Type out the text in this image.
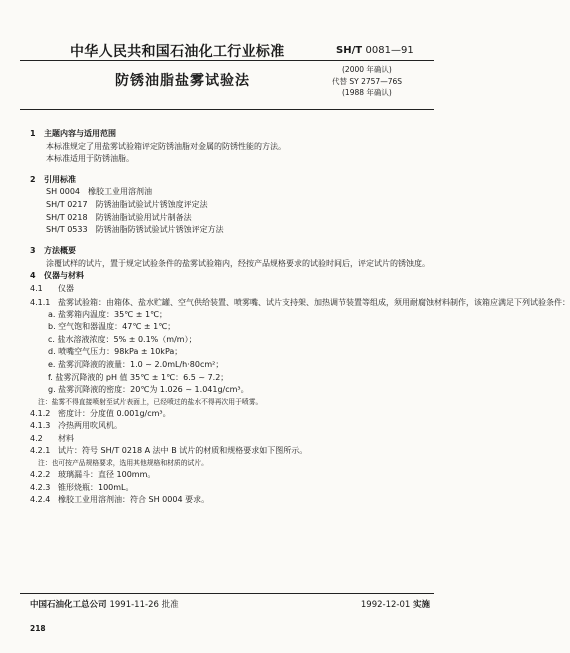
中华人民共和国石油化工行业标准	SH/T 0081—91
(2000 年确认)
代替 SY 2757—76S
(1988 年确认)
防锈油脂盐雾试验法

1 主题内容与适用范围

本标准规定了用盐雾试验箱评定防锈油脂对金属的防锈性能的方法。

本标准适用于防锈油脂。

2 引用标准

SH 0004　橡胶工业用溶剂油

SH/T 0217　防锈油脂试验试片锈蚀度评定法

SH/T 0218　防锈油脂试验用试片制备法

SH/T 0533　防锈油脂防锈试验试片锈蚀评定方法

3 方法概要

涂覆试样的试片，置于规定试验条件的盐雾试验箱内，经按产品规格要求的试验时间后，评定试片的锈蚀度。

4 仪器与材料

4.1 仪器

4.1.1 盐雾试验箱：由箱体、盐水贮罐、空气供给装置、喷雾嘴、试片支持架、加热调节装置等组成，须用耐腐蚀材料制作，该箱应满足下列试验条件：

a. 盐雾箱内温度：35℃ ± 1℃；

b. 空气饱和器温度：47℃ ± 1℃；

c. 盐水溶液浓度：5% ± 0.1%（m/m）；

d. 喷嘴空气压力：98kPa ± 10kPa；

e. 盐雾沉降液的液量：1.0 ~ 2.0mL/h·80cm²；

f. 盐雾沉降液的 pH 值 35℃ ± 1℃：6.5 ~ 7.2；

g. 盐雾沉降液的密度：20℃为 1.026 ~ 1.041g/cm³。

注：盐雾不得直接喷射至试片表面上，已经喷过的盐水不得再次用于喷雾。

4.1.2 密度计：分度值 0.001g/cm³。

4.1.3 冷热两用吹风机。

4.2 材料

4.2.1 试片：符号 SH/T 0218 A 法中 B 试片的材质和规格要求如下图所示。

注：也可按产品规格要求，选用其他规格和材质的试片。

4.2.2 玻璃漏斗：直径 100mm。

4.2.3 锥形烧瓶：100mL。

4.2.4 橡胶工业用溶剂油：符合 SH 0004 要求。

中国石油化工总公司 1991-11-26 批准	1992-12-01 实施
218
